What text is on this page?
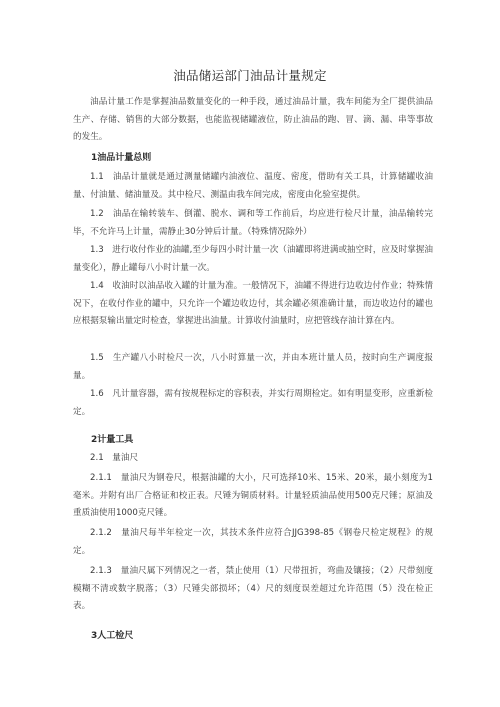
油品储运部门油品计量规定

油品计量工作是掌握油品数量变化的一种手段，通过油品计量，我车间能为全厂提供油品生产、存储、销售的大部分数据，也能监视储罐液位，防止油品的跑、冒、滴、漏、串等事故的发生。

1油品计量总则

1.1　油品计量就是通过测量储罐内油液位、温度、密度，借助有关工具，计算储罐收油量、付油量、储油量及。其中检尺、测温由我车间完成，密度由化验室提供。

1.2　油品在输转装车、倒灌、脱水、调和等工作前后，均应进行检尺计量，油品输转完毕，不允许马上计量，需静止30分钟后计量。（特殊情况除外）

1.3　进行收付作业的油罐,至少每四小时计量一次（油罐即将进满或抽空时，应及时掌握油量变化），静止罐每八小时计量一次。

1.4　收油时以油品收入罐的计量为准。一般情况下，油罐不得进行边收边付作业；特殊情况下，在收付作业的罐中，只允许一个罐边收边付，其余罐必须准确计量，而边收边付的罐也应根据泵输出量定时检查，掌握进出油量。计算收付油量时，应把管线存油计算在内。

1.5　生产罐八小时检尺一次，八小时算量一次，并由本班计量人员，按时向生产调度报量。

1.6　凡计量容器，需有按规程标定的容积表，并实行周期检定。如有明显变形，应重新检定。

2计量工具

2.1　量油尺

2.1.1　量油尺为钢卷尺，根据油罐的大小，尺可选择10米、15米、20米，最小刻度为1毫米。并附有出厂合格证和校正表。尺锤为铜质材料。计量轻质油品使用500克尺锤；原油及重质油使用1000克尺锤。

2.1.2　量油尺每半年检定一次，其技术条件应符合JJG398-85《钢卷尺检定规程》的规定。

2.1.3　量油尺属下列情况之一者，禁止使用（1）尺带扭折，弯曲及镶接；（2）尺带刻度模糊不清或数字脱落；（3）尺锤尖部损坏；（4）尺的刻度误差超过允许范围（5）没在检正表。

3人工检尺
